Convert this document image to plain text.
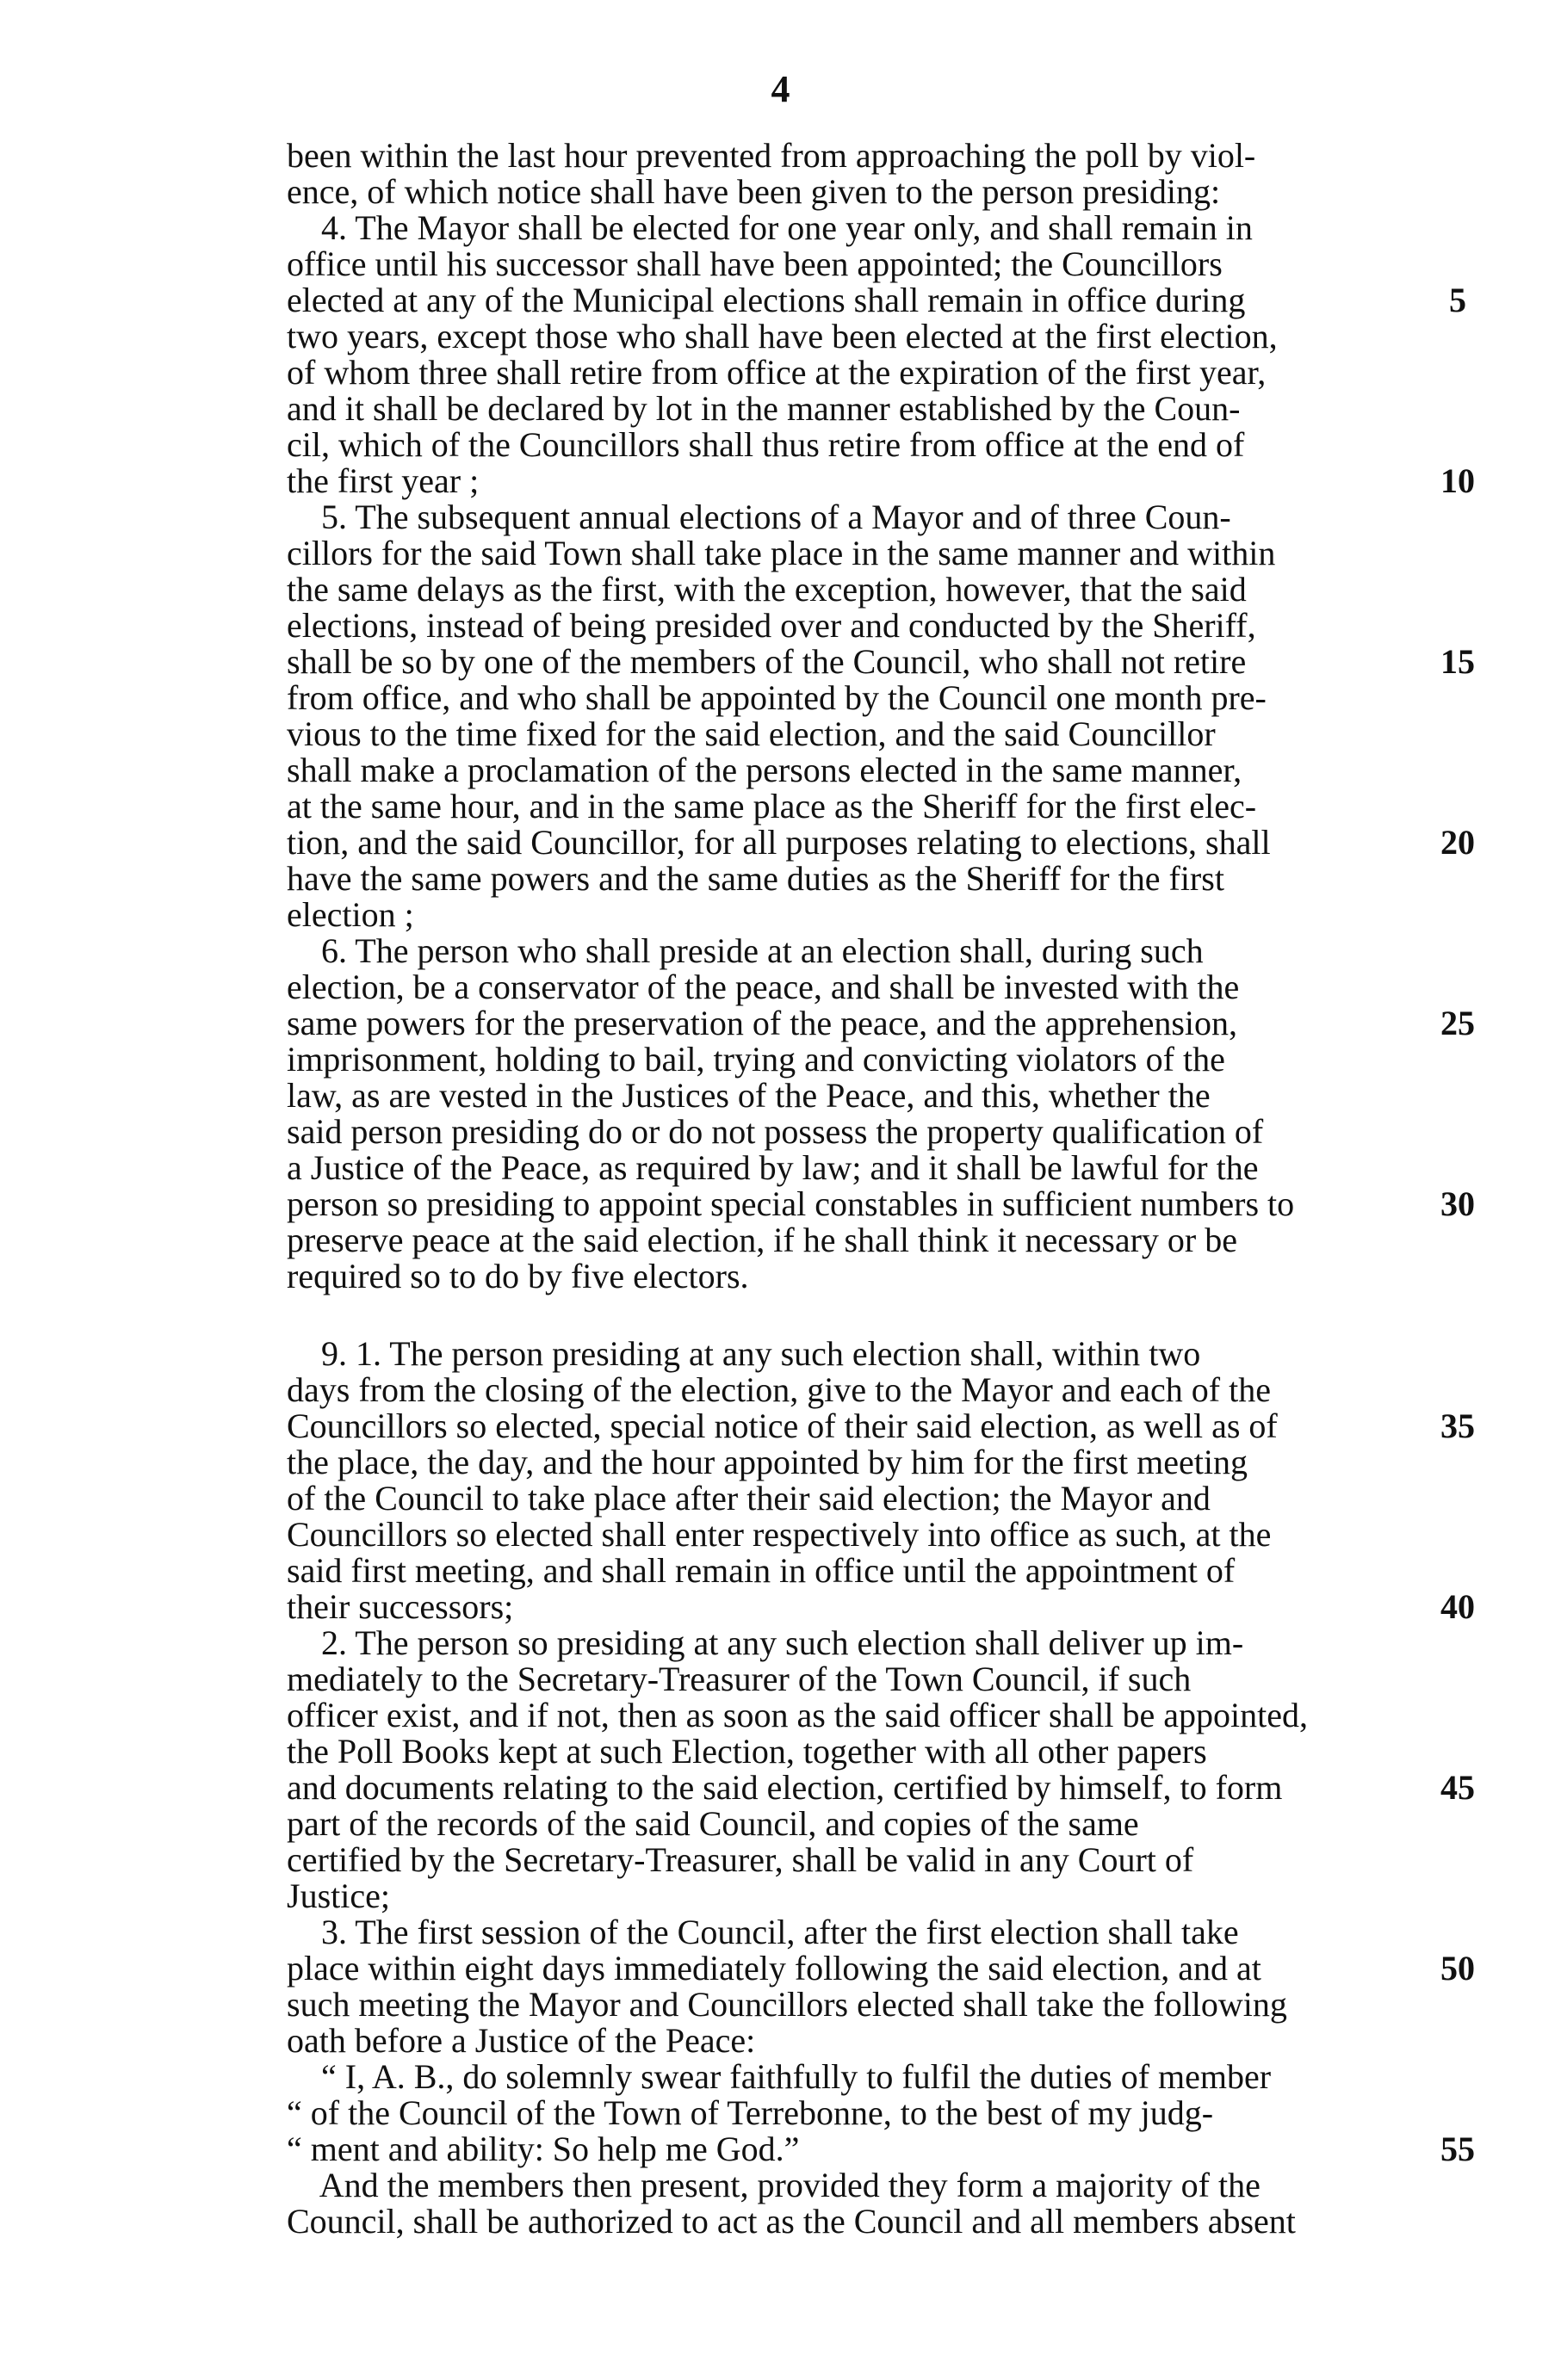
4
been within the last hour prevented from approaching the poll by viol-
ence, of which notice shall have been given to the person presiding:
4. The Mayor shall be elected for one year only, and shall remain in
office until his successor shall have been appointed; the Councillors
elected at any of the Municipal elections shall remain in office during
two years, except those who shall have been elected at the first election,
of whom three shall retire from office at the expiration of the first year,
and it shall be declared by lot in the manner established by the Coun-
cil, which of the Councillors shall thus retire from office at the end of
the first year ;
5. The subsequent annual elections of a Mayor and of three Coun-
cillors for the said Town shall take place in the same manner and within
the same delays as the first, with the exception, however, that the said
elections, instead of being presided over and conducted by the Sheriff,
shall be so by one of the members of the Council, who shall not retire
from office, and who shall be appointed by the Council one month pre-
vious to the time fixed for the said election, and the said Councillor
shall make a proclamation of the persons elected in the same manner,
at the same hour, and in the same place as the Sheriff for the first elec-
tion, and the said Councillor, for all purposes relating to elections, shall
have the same powers and the same duties as the Sheriff for the first
election ;
6. The person who shall preside at an election shall, during such
election, be a conservator of the peace, and shall be invested with the
same powers for the preservation of the peace, and the apprehension,
imprisonment, holding to bail, trying and convicting violators of the
law, as are vested in the Justices of the Peace, and this, whether the
said person presiding do or do not possess the property qualification of
a Justice of the Peace, as required by law; and it shall be lawful for the
person so presiding to appoint special constables in sufficient numbers to
preserve peace at the said election, if he shall think it necessary or be
required so to do by five electors.
9. 1. The person presiding at any such election shall, within two
days from the closing of the election, give to the Mayor and each of the
Councillors so elected, special notice of their said election, as well as of
the place, the day, and the hour appointed by him for the first meeting
of the Council to take place after their said election; the Mayor and
Councillors so elected shall enter respectively into office as such, at the
said first meeting, and shall remain in office until the appointment of
their successors;
2. The person so presiding at any such election shall deliver up im-
mediately to the Secretary-Treasurer of the Town Council, if such
officer exist, and if not, then as soon as the said officer shall be appointed,
the Poll Books kept at such Election, together with all other papers
and documents relating to the said election, certified by himself, to form
part of the records of the said Council, and copies of the same
certified by the Secretary-Treasurer, shall be valid in any Court of
Justice;
3. The first session of the Council, after the first election shall take
place within eight days immediately following the said election, and at
such meeting the Mayor and Councillors elected shall take the following
oath before a Justice of the Peace:
“ I, A. B., do solemnly swear faithfully to fulfil the duties of member
“ of the Council of the Town of Terrebonne, to the best of my judg-
“ ment and ability: So help me God.”
And the members then present, provided they form a majority of the
Council, shall be authorized to act as the Council and all members absent
5
10
15
20
25
30
35
40
45
50
55
